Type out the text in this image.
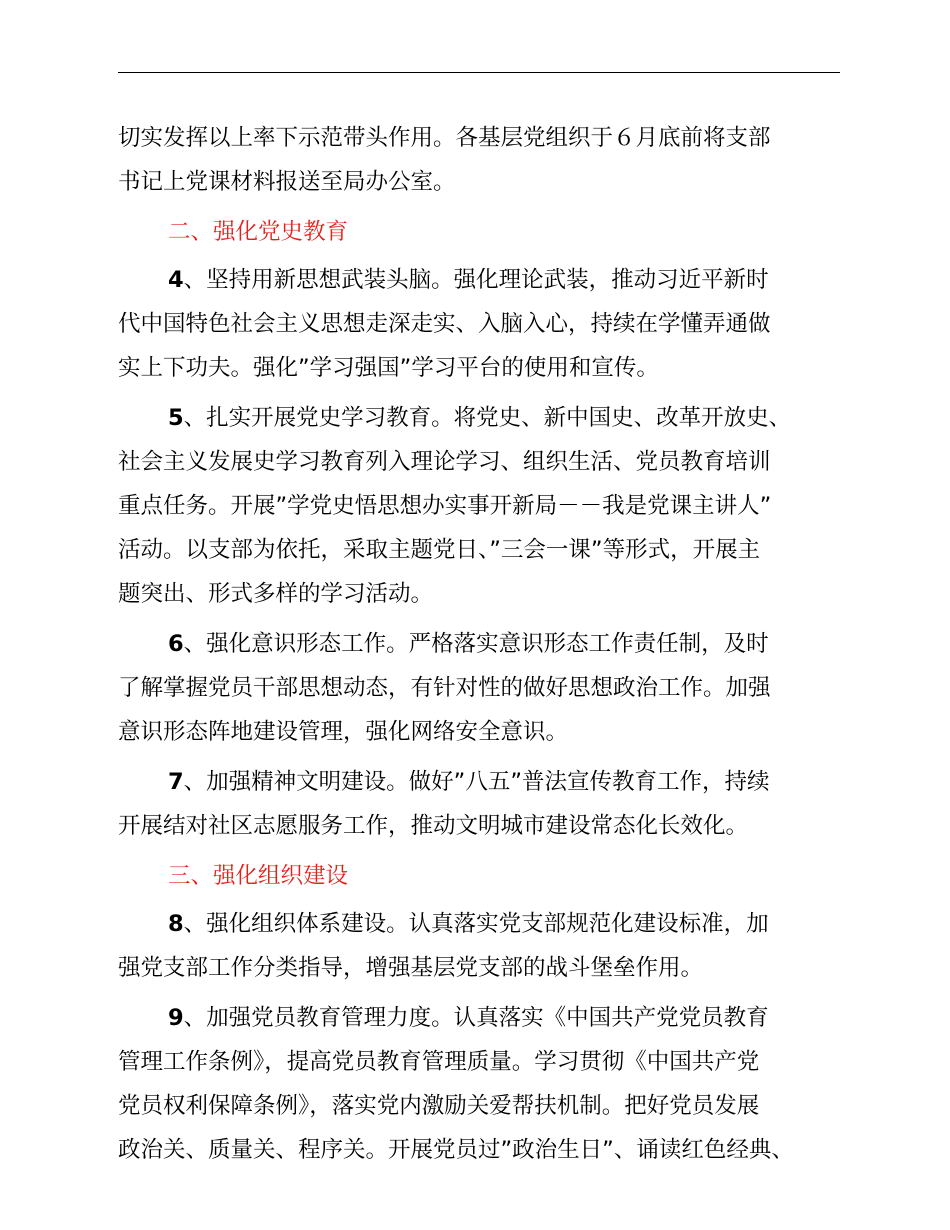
切实发挥以上率下示范带头作用。各基层党组织于６月底前将支部
书记上党课材料报送至局办公室。
二、强化党史教育
4、坚持用新思想武装头脑。强化理论武装，推动习近平新时
代中国特色社会主义思想走深走实、入脑入心，持续在学懂弄通做
实上下功夫。强化”学习强国”学习平台的使用和宣传。
5、扎实开展党史学习教育。将党史、新中国史、改革开放史、
社会主义发展史学习教育列入理论学习、组织生活、党员教育培训
重点任务。开展”学党史悟思想办实事开新局－－我是党课主讲人”
活动。以支部为依托，采取主题党日、”三会一课”等形式，开展主
题突出、形式多样的学习活动。
6、强化意识形态工作。严格落实意识形态工作责任制，及时
了解掌握党员干部思想动态，有针对性的做好思想政治工作。加强
意识形态阵地建设管理，强化网络安全意识。
7、加强精神文明建设。做好”八五”普法宣传教育工作，持续
开展结对社区志愿服务工作，推动文明城市建设常态化长效化。
三、强化组织建设
8、强化组织体系建设。认真落实党支部规范化建设标准，加
强党支部工作分类指导，增强基层党支部的战斗堡垒作用。
9、加强党员教育管理力度。认真落实《中国共产党党员教育
管理工作条例》，提高党员教育管理质量。学习贯彻《中国共产党
党员权利保障条例》，落实党内激励关爱帮扶机制。把好党员发展
政治关、质量关、程序关。开展党员过”政治生日”、诵读红色经典、
